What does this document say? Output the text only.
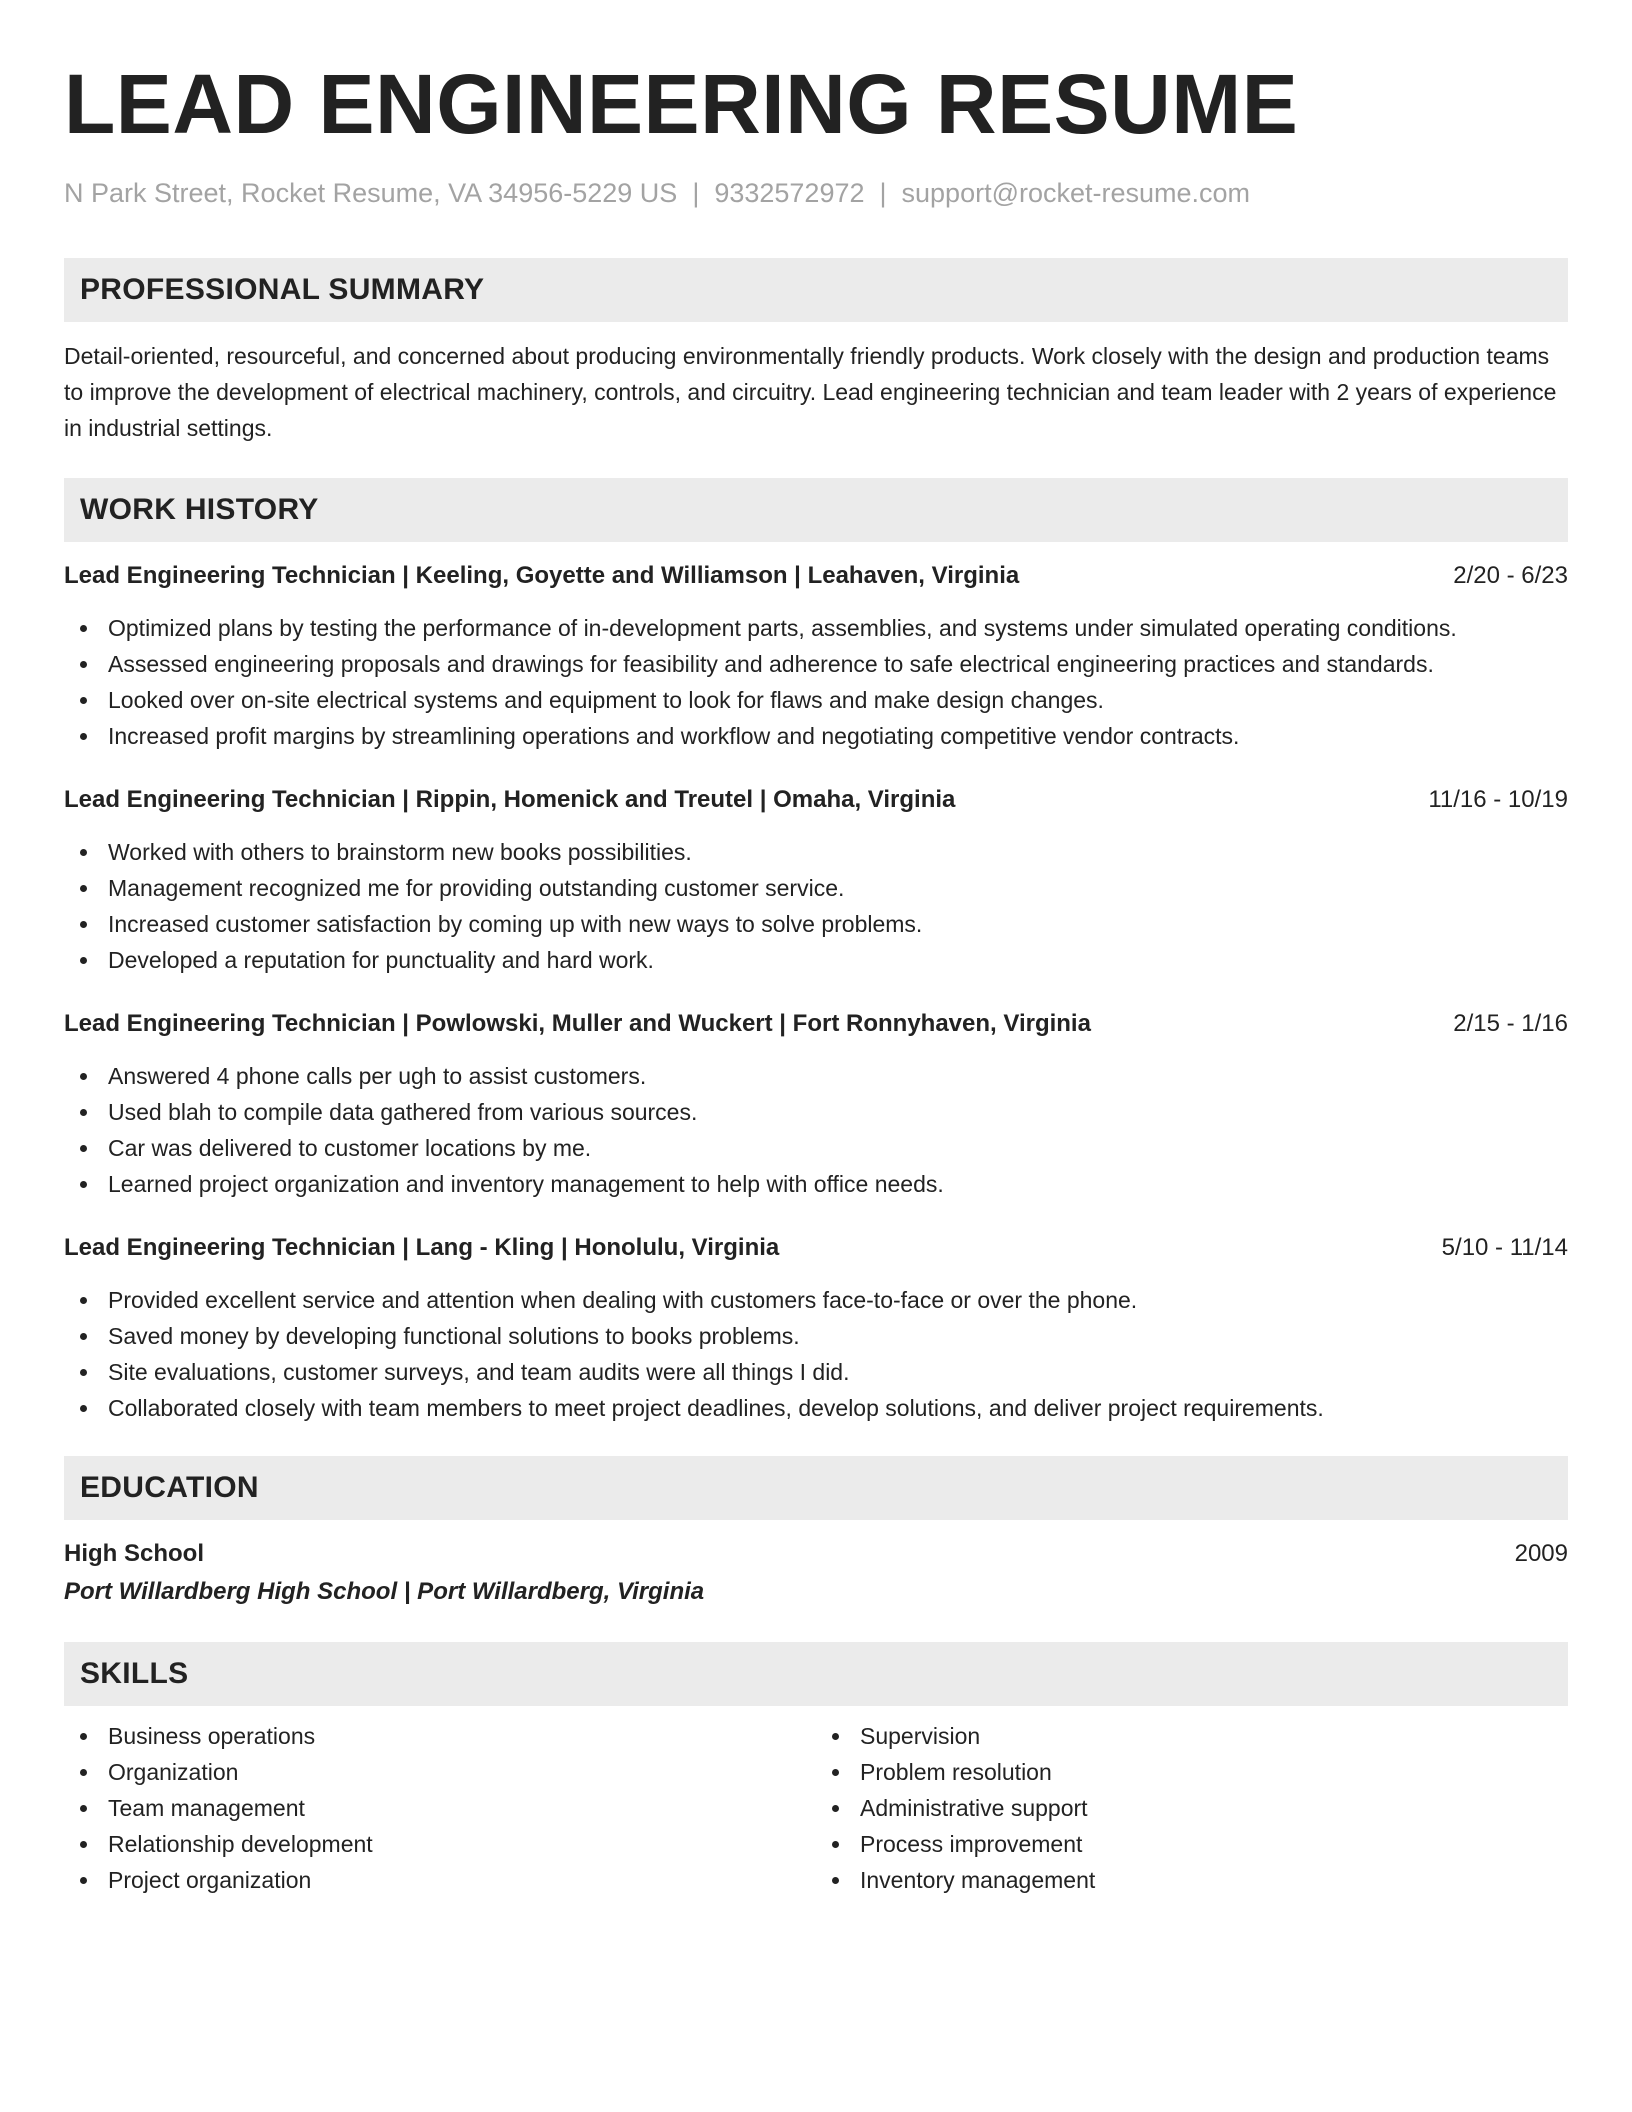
LEAD ENGINEERING RESUME
N Park Street, Rocket Resume, VA 34956-5229 US | 9332572972 | support@rocket-resume.com
PROFESSIONAL SUMMARY
Detail-oriented, resourceful, and concerned about producing environmentally friendly products. Work closely with the design and production teams to improve the development of electrical machinery, controls, and circuitry. Lead engineering technician and team leader with 2 years of experience in industrial settings.
WORK HISTORY
Lead Engineering Technician | Keeling, Goyette and Williamson | Leahaven, Virginia	2/20 - 6/23
Optimized plans by testing the performance of in-development parts, assemblies, and systems under simulated operating conditions.
Assessed engineering proposals and drawings for feasibility and adherence to safe electrical engineering practices and standards.
Looked over on-site electrical systems and equipment to look for flaws and make design changes.
Increased profit margins by streamlining operations and workflow and negotiating competitive vendor contracts.
Lead Engineering Technician | Rippin, Homenick and Treutel | Omaha, Virginia	11/16 - 10/19
Worked with others to brainstorm new books possibilities.
Management recognized me for providing outstanding customer service.
Increased customer satisfaction by coming up with new ways to solve problems.
Developed a reputation for punctuality and hard work.
Lead Engineering Technician | Powlowski, Muller and Wuckert | Fort Ronnyhaven, Virginia	2/15 - 1/16
Answered 4 phone calls per ugh to assist customers.
Used blah to compile data gathered from various sources.
Car was delivered to customer locations by me.
Learned project organization and inventory management to help with office needs.
Lead Engineering Technician | Lang - Kling | Honolulu, Virginia	5/10 - 11/14
Provided excellent service and attention when dealing with customers face-to-face or over the phone.
Saved money by developing functional solutions to books problems.
Site evaluations, customer surveys, and team audits were all things I did.
Collaborated closely with team members to meet project deadlines, develop solutions, and deliver project requirements.
EDUCATION
High School	2009
Port Willardberg High School | Port Willardberg, Virginia
SKILLS
Business operations
Organization
Team management
Relationship development
Project organization
Supervision
Problem resolution
Administrative support
Process improvement
Inventory management
